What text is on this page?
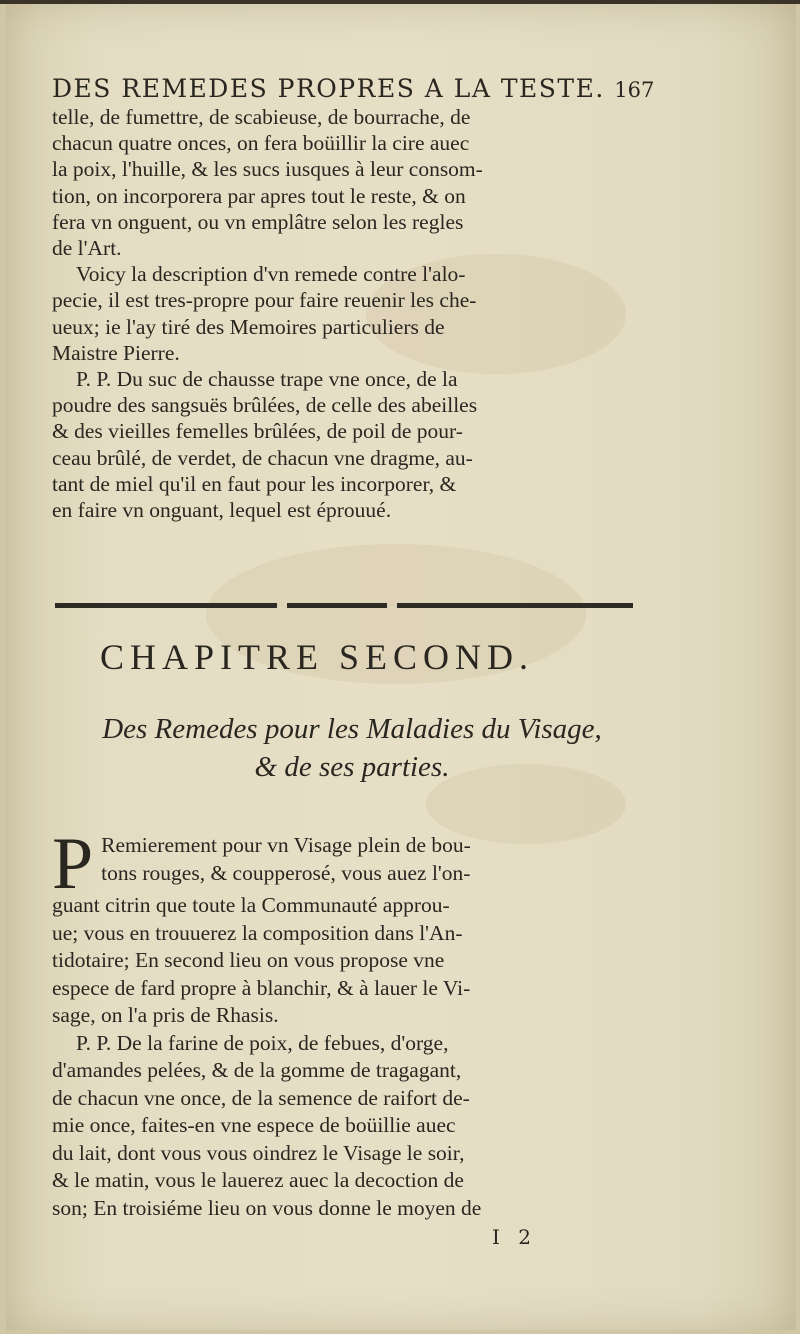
DES REMEDES PROPRES A LA TESTE. 167
telle, de fumettre, de scabieuse, de bourrache, de
chacun quatre onces, on fera boüillir la cire auec
la poix, l'huille, & les sucs iusques à leur consom-
tion, on incorporera par apres tout le reste, & on
fera vn onguent, ou vn emplâtre selon les regles
de l'Art.
Voicy la description d'vn remede contre l'alo-
pecie, il est tres-propre pour faire reuenir les che-
ueux; ie l'ay tiré des Memoires particuliers de
Maistre Pierre.
P. P. Du suc de chausse trape vne once, de la
poudre des sangsuës brûlées, de celle des abeilles
& des vieilles femelles brûlées, de poil de pour-
ceau brûlé, de verdet, de chacun vne dragme, au-
tant de miel qu'il en faut pour les incorporer, &
en faire vn onguant, lequel est éprouué.
CHAPITRE SECOND.
Des Remedes pour les Maladies du Visage,
& de ses parties.
P Remierement pour vn Visage plein de bou-
tons rouges, & coupperosé, vous auez l'on-
guant citrin que toute la Communauté approu-
ue; vous en trouuerez la composition dans l'An-
tidotaire; En second lieu on vous propose vne
espece de fard propre à blanchir, & à lauer le Vi-
sage, on l'a pris de Rhasis.
P. P. De la farine de poix, de febues, d'orge,
d'amandes pelées, & de la gomme de tragagant,
de chacun vne once, de la semence de raifort de-
mie once, faites-en vne espece de boüillie auec
du lait, dont vous vous oindrez le Visage le soir,
& le matin, vous le lauerez auec la decoction de
son; En troisiéme lieu on vous donne le moyen de
I 2
